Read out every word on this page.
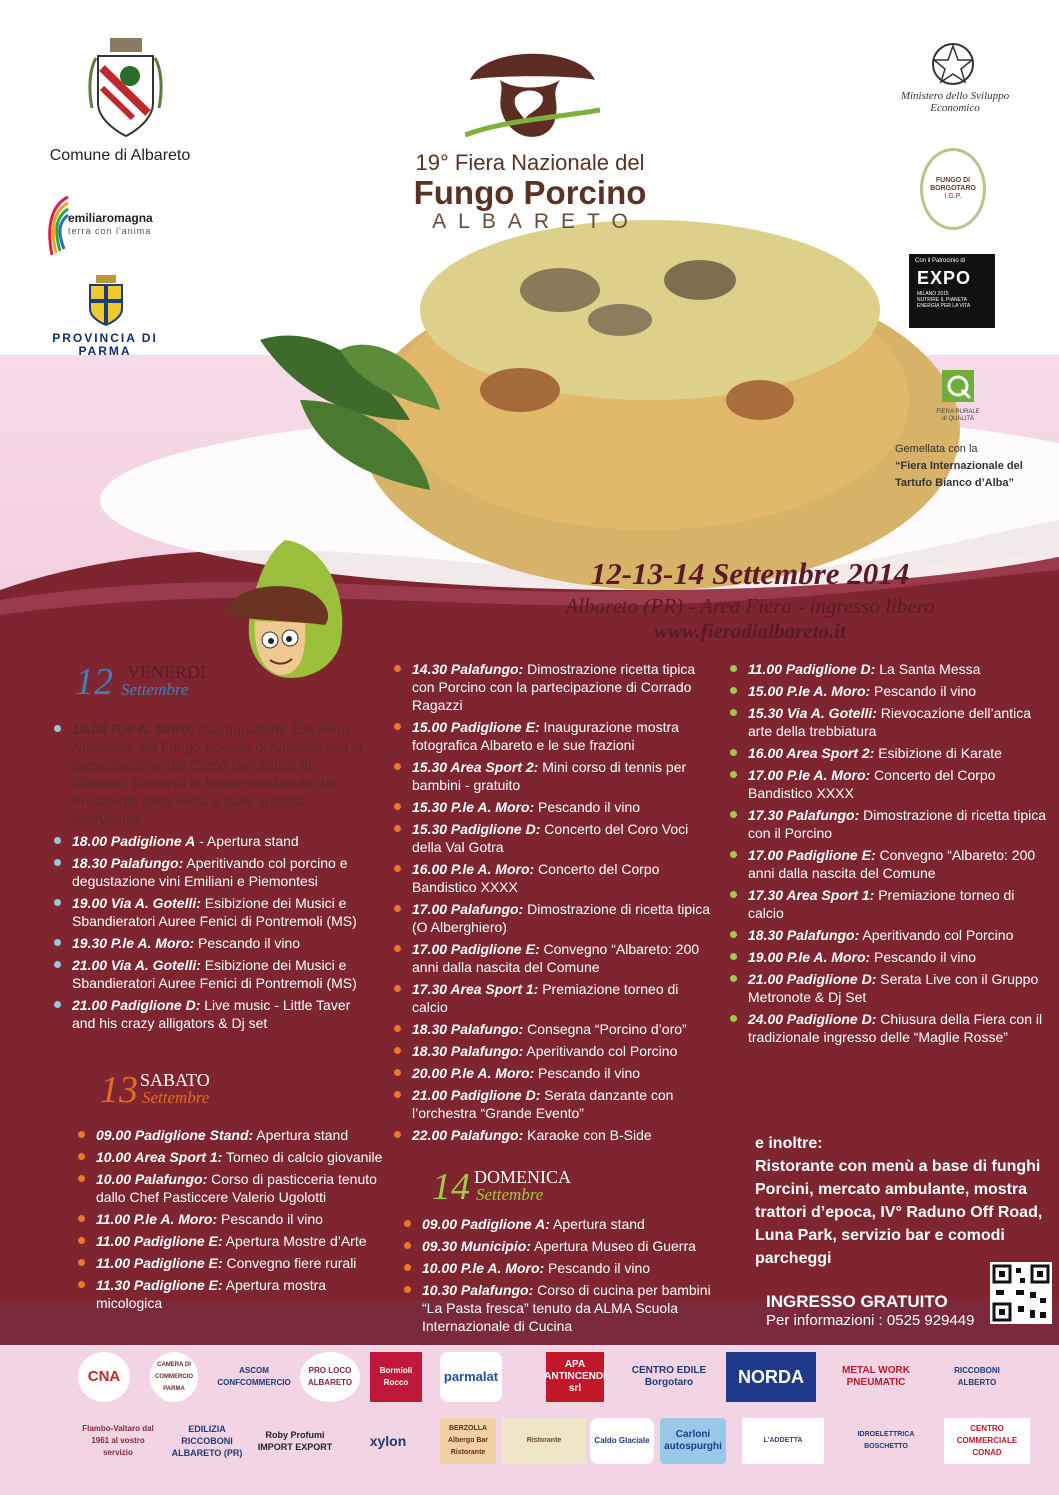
Comune di Albareto
emiliaromagna
terra con l'anima
PROVINCIA DI PARMA
19° Fiera Nazionale del
Fungo Porcino
ALBARETO
Ministero dello Sviluppo Economico
FUNGO DI
BORGOTARO
I.G.P.
Con il Patrocinio di
EXPO
MILANO 2015
NUTRIRE IL PIANETA
ENERGIA PER LA VITA
FIERA RURALE
di QUALITÀ
Gemellata con la
“Fiera Internazionale del
Tartufo Bianco d’Alba”
12-13-14 Settembre 2014
Albareto (PR) - Area Fiera - ingresso libero
www.fieradialbareto.it
12 VENERDI
Settembre
13 SABATO
Settembre
14 DOMENICA
Settembre
18.00 P.le A. Moro: Inaugurazione 19a Fiera Nazionale del Fungo Porcino di Albareto con la partecipazione del Corpo Bandistico di Albareto. Discorso di benvenuto tenuto dal Presidente della Fiera e dalle autorità intervenute
18.00 Padiglione A - Apertura stand
18.30 Palafungo: Aperitivando col porcino e degustazione vini Emiliani e Piemontesi
19.00 Via A. Gotelli: Esibizione dei Musici e Sbandieratori Auree Fenici di Pontremoli (MS)
19.30 P.le A. Moro: Pescando il vino
21.00 Via A. Gotelli: Esibizione dei Musici e Sbandieratori Auree Fenici di Pontremoli (MS)
21.00 Padiglione D: Live music - Little Taver and his crazy alligators & Dj set
09.00 Padiglione Stand: Apertura stand
10.00 Area Sport 1: Torneo di calcio giovanile
10.00 Palafungo: Corso di pasticceria tenuto dallo Chef Pasticcere Valerio Ugolotti
11.00 P.le A. Moro: Pescando il vino
11.00 Padiglione E: Apertura Mostre d’Arte
11.00 Padiglione E: Convegno fiere rurali
11.30 Padiglione E: Apertura mostra micologica
14.30 Palafungo: Dimostrazione ricetta tipica con Porcino con la partecipazione di Corrado Ragazzi
15.00 Padiglione E: Inaugurazione mostra fotografica Albareto e le sue frazioni
15.30 Area Sport 2: Mini corso di tennis per bambini - gratuito
15.30 P.le A. Moro: Pescando il vino
15.30 Padiglione D: Concerto del Coro Voci della Val Gotra
16.00 P.le A. Moro: Concerto del Corpo Bandistico XXXX
17.00 Palafungo: Dimostrazione di ricetta tipica (O Alberghiero)
17.00 Padiglione E: Convegno “Albareto: 200 anni dalla nascita del Comune
17.30 Area Sport 1: Premiazione torneo di calcio
18.30 Palafungo: Consegna “Porcino d’oro”
18.30 Palafungo: Aperitivando col Porcino
20.00 P.le A. Moro: Pescando il vino
21.00 Padiglione D: Serata danzante con l’orchestra “Grande Evento”
22.00 Palafungo: Karaoke con B-Side
09.00 Padiglione A: Apertura stand
09.30 Municipio: Apertura Museo di Guerra
10.00 P.le A. Moro: Pescando il vino
10.30 Palafungo: Corso di cucina per bambini “La Pasta fresca” tenuto da ALMA Scuola Internazionale di Cucina
11.00 Padiglione D: La Santa Messa
15.00 P.le A. Moro: Pescando il vino
15.30 Via A. Gotelli: Rievocazione dell’antica arte della trebbiatura
16.00 Area Sport 2: Esibizione di Karate
17.00 P.le A. Moro: Concerto del Corpo Bandistico XXXX
17.30 Palafungo: Dimostrazione di ricetta tipica con il Porcino
17.00 Padiglione E: Convegno “Albareto: 200 anni dalla nascita del Comune
17.30 Area Sport 1: Premiazione torneo di calcio
18.30 Palafungo: Aperitivando col Porcino
19.00 P.le A. Moro: Pescando il vino
21.00 Padiglione D: Serata Live con il Gruppo Metronote & Dj Set
24.00 Padiglione D: Chiusura della Fiera con il tradizionale ingresso delle “Maglie Rosse”
e inoltre:
Ristorante con menù a base di funghi Porcini, mercato ambulante, mostra trattori d’epoca, IV° Raduno Off Road, Luna Park, servizio bar e comodi parcheggi
INGRESSO GRATUITO
Per informazioni : 0525 929449
CNA
CAMERA DI COMMERCIO PARMA
ASCOM CONFCOMMERCIO
PRO LOCO ALBARETO
Bormioli Rocco	parmalat
APA ANTINCENDI srl
CENTRO EDILE Borgotaro	NORDA	METAL WORK PNEUMATIC
RICCOBONI ALBERTO
Flambo-Valtaro dal 1961 al vostro servizio
EDILIZIA RICCOBONI ALBARETO (PR)
Roby Profumi IMPORT EXPORT	xylon
BERZOLLA Albergo Bar Ristorante
Ristorante	Caldo Glaciale
Carloni autospurghi
L'ADDETTA
IDROELETTRICA BOSCHETTO
CENTRO COMMERCIALE CONAD
